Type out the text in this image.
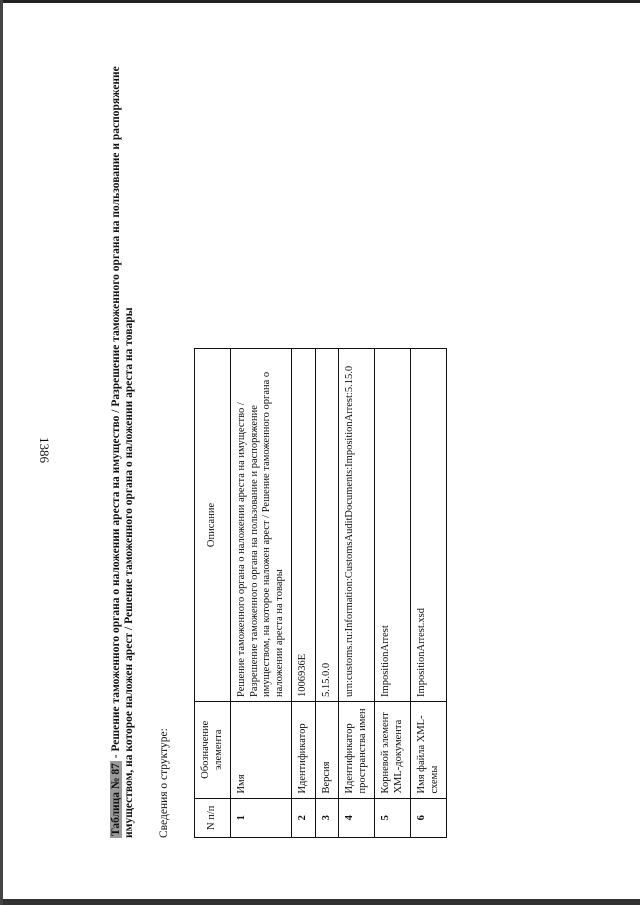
1386
Таблица № 87 - Решение таможенного органа о наложении ареста на имущество / Разрешение таможенного органа на пользование и распоряжение имуществом, на которое наложен арест / Решение таможенного органа о наложении ареста на товары Сведения о структуре:	N п/п	Обозначение элемента	Описание
1	Имя	Решение таможенного органа о наложении ареста на имущество / Разрешение таможенного органа на пользование и распоряжение имуществом, на которое наложен арест / Решение таможенного органа о наложении ареста на товары
2	Идентификатор	1006936E
3	Версия	5.15.0.0
4	Идентификатор пространства имен	urn:customs.ru:Information:CustomsAuditDocuments:ImpositionArrest:5.15.0
5	Корневой элемент XML-документа	ImpositionArrest
6	Имя файла XML-схемы	ImpositionArrest.xsd
